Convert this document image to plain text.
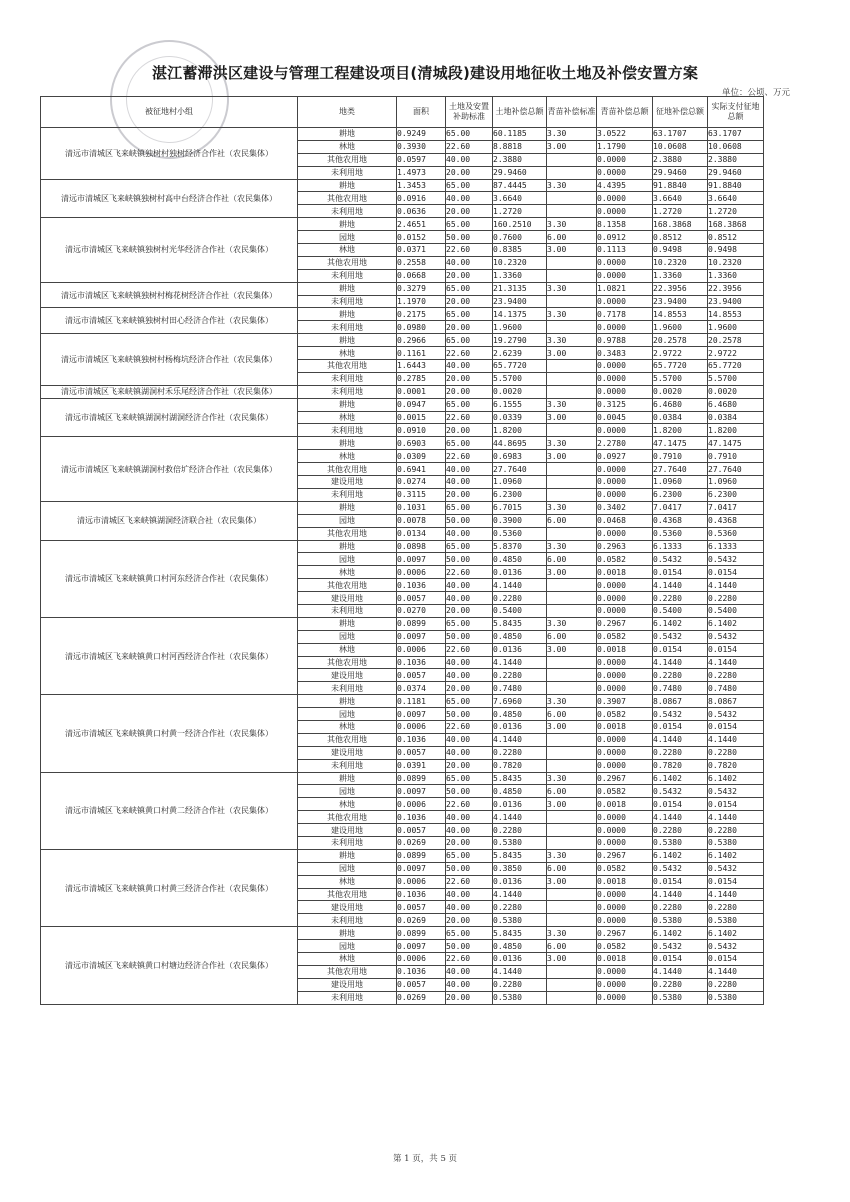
湛江蓄滞洪区建设与管理工程建设项目(清城段)建设用地征收土地及补偿安置方案
单位：公顷、万元
被征地村小组	地类	面积	土地及安置补助标准	土地补偿总额	青苗补偿标准	青苗补偿总额	征地补偿总额	实际支付征地总额
清远市清城区飞来峡镇独树村独树经济合作社（农民集体）	耕地	0.9249	65.00	60.1185	3.30	3.0522	63.1707	63.1707
	林地	0.3930	22.60	8.8818	3.00	1.1790	10.0608	10.0608
	其他农用地	0.0597	40.00	2.3880		0.0000	2.3880	2.3880
	未利用地	1.4973	20.00	29.9460		0.0000	29.9460	29.9460
清远市清城区飞来峡镇独树村高中台经济合作社（农民集体）	耕地	1.3453	65.00	87.4445	3.30	4.4395	91.8840	91.8840
	其他农用地	0.0916	40.00	3.6640		0.0000	3.6640	3.6640
	未利用地	0.0636	20.00	1.2720		0.0000	1.2720	1.2720
清远市清城区飞来峡镇独树村光华经济合作社（农民集体）	耕地	2.4651	65.00	160.2510	3.30	8.1358	168.3868	168.3868
	园地	0.0152	50.00	0.7600	6.00	0.0912	0.8512	0.8512
	林地	0.0371	22.60	0.8385	3.00	0.1113	0.9498	0.9498
	其他农用地	0.2558	40.00	10.2320		0.0000	10.2320	10.2320
	未利用地	0.0668	20.00	1.3360		0.0000	1.3360	1.3360
清远市清城区飞来峡镇独树村梅花树经济合作社（农民集体）	耕地	0.3279	65.00	21.3135	3.30	1.0821	22.3956	22.3956
	未利用地	1.1970	20.00	23.9400		0.0000	23.9400	23.9400
清远市清城区飞来峡镇独树村田心经济合作社（农民集体）	耕地	0.2175	65.00	14.1375	3.30	0.7178	14.8553	14.8553
	未利用地	0.0980	20.00	1.9600		0.0000	1.9600	1.9600
清远市清城区飞来峡镇独树村杨梅坑经济合作社（农民集体）	耕地	0.2966	65.00	19.2790	3.30	0.9788	20.2578	20.2578
	林地	0.1161	22.60	2.6239	3.00	0.3483	2.9722	2.9722
	其他农用地	1.6443	40.00	65.7720		0.0000	65.7720	65.7720
	未利用地	0.2785	20.00	5.5700		0.0000	5.5700	5.5700
清远市清城区飞来峡镇湖洞村禾乐尾经济合作社（农民集体）	未利用地	0.0001	20.00	0.0020		0.0000	0.0020	0.0020
清远市清城区飞来峡镇湖洞村湖洞经济合作社（农民集体）	耕地	0.0947	65.00	6.1555	3.30	0.3125	6.4680	6.4680
	林地	0.0015	22.60	0.0339	3.00	0.0045	0.0384	0.0384
	未利用地	0.0910	20.00	1.8200		0.0000	1.8200	1.8200
清远市清城区飞来峡镇湖洞村救倍圹经济合作社（农民集体）	耕地	0.6903	65.00	44.8695	3.30	2.2780	47.1475	47.1475
	林地	0.0309	22.60	0.6983	3.00	0.0927	0.7910	0.7910
	其他农用地	0.6941	40.00	27.7640		0.0000	27.7640	27.7640
	建设用地	0.0274	40.00	1.0960		0.0000	1.0960	1.0960
	未利用地	0.3115	20.00	6.2300		0.0000	6.2300	6.2300
清远市清城区飞来峡镇湖洞经济联合社（农民集体）	耕地	0.1031	65.00	6.7015	3.30	0.3402	7.0417	7.0417
	园地	0.0078	50.00	0.3900	6.00	0.0468	0.4368	0.4368
	其他农用地	0.0134	40.00	0.5360		0.0000	0.5360	0.5360
清远市清城区飞来峡镇黄口村河东经济合作社（农民集体）	耕地	0.0898	65.00	5.8370	3.30	0.2963	6.1333	6.1333
	园地	0.0097	50.00	0.4850	6.00	0.0582	0.5432	0.5432
	林地	0.0006	22.60	0.0136	3.00	0.0018	0.0154	0.0154
	其他农用地	0.1036	40.00	4.1440		0.0000	4.1440	4.1440
	建设用地	0.0057	40.00	0.2280		0.0000	0.2280	0.2280
	未利用地	0.0270	20.00	0.5400		0.0000	0.5400	0.5400
清远市清城区飞来峡镇黄口村河西经济合作社（农民集体）	耕地	0.0899	65.00	5.8435	3.30	0.2967	6.1402	6.1402
	园地	0.0097	50.00	0.4850	6.00	0.0582	0.5432	0.5432
	林地	0.0006	22.60	0.0136	3.00	0.0018	0.0154	0.0154
	其他农用地	0.1036	40.00	4.1440		0.0000	4.1440	4.1440
	建设用地	0.0057	40.00	0.2280		0.0000	0.2280	0.2280
	未利用地	0.0374	20.00	0.7480		0.0000	0.7480	0.7480
清远市清城区飞来峡镇黄口村黄一经济合作社（农民集体）	耕地	0.1181	65.00	7.6960	3.30	0.3907	8.0867	8.0867
	园地	0.0097	50.00	0.4850	6.00	0.0582	0.5432	0.5432
	林地	0.0006	22.60	0.0136	3.00	0.0018	0.0154	0.0154
	其他农用地	0.1036	40.00	4.1440		0.0000	4.1440	4.1440
	建设用地	0.0057	40.00	0.2280		0.0000	0.2280	0.2280
	未利用地	0.0391	20.00	0.7820		0.0000	0.7820	0.7820
清远市清城区飞来峡镇黄口村黄二经济合作社（农民集体）	耕地	0.0899	65.00	5.8435	3.30	0.2967	6.1402	6.1402
	园地	0.0097	50.00	0.4850	6.00	0.0582	0.5432	0.5432
	林地	0.0006	22.60	0.0136	3.00	0.0018	0.0154	0.0154
	其他农用地	0.1036	40.00	4.1440		0.0000	4.1440	4.1440
	建设用地	0.0057	40.00	0.2280		0.0000	0.2280	0.2280
	未利用地	0.0269	20.00	0.5380		0.0000	0.5380	0.5380
清远市清城区飞来峡镇黄口村黄三经济合作社（农民集体）	耕地	0.0899	65.00	5.8435	3.30	0.2967	6.1402	6.1402
	园地	0.0097	50.00	0.3850	6.00	0.0582	0.5432	0.5432
	林地	0.0006	22.60	0.0136	3.00	0.0018	0.0154	0.0154
	其他农用地	0.1036	40.00	4.1440		0.0000	4.1440	4.1440
	建设用地	0.0057	40.00	0.2280		0.0000	0.2280	0.2280
	未利用地	0.0269	20.00	0.5380		0.0000	0.5380	0.5380
清远市清城区飞来峡镇黄口村塘边经济合作社（农民集体）	耕地	0.0899	65.00	5.8435	3.30	0.2967	6.1402	6.1402
	园地	0.0097	50.00	0.4850	6.00	0.0582	0.5432	0.5432
	林地	0.0006	22.60	0.0136	3.00	0.0018	0.0154	0.0154
	其他农用地	0.1036	40.00	4.1440		0.0000	4.1440	4.1440
	建设用地	0.0057	40.00	0.2280		0.0000	0.2280	0.2280
	未利用地	0.0269	20.00	0.5380		0.0000	0.5380	0.5380
第 1 页，共 5 页
